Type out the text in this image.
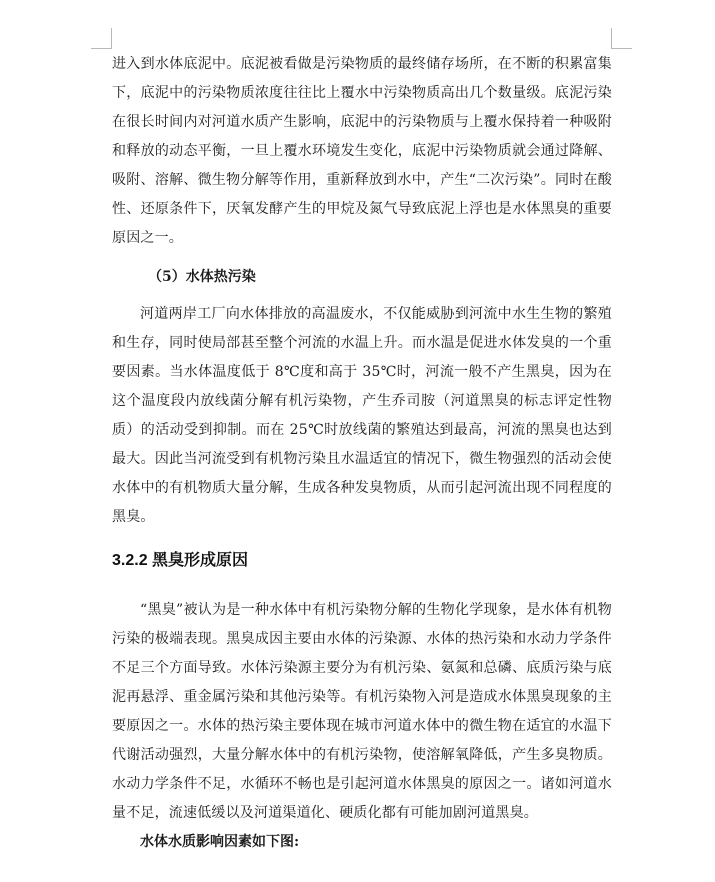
进入到水体底泥中。底泥被看做是污染物质的最终储存场所，在不断的积累富集下，底泥中的污染物质浓度往往比上覆水中污染物质高出几个数量级。底泥污染在很长时间内对河道水质产生影响，底泥中的污染物质与上覆水保持着一种吸附和释放的动态平衡，一旦上覆水环境发生变化，底泥中污染物质就会通过降解、吸附、溶解、微生物分解等作用，重新释放到水中，产生“二次污染”。同时在酸性、还原条件下，厌氧发酵产生的甲烷及氮气导致底泥上浮也是水体黑臭的重要原因之一。

（5）水体热污染

河道两岸工厂向水体排放的高温废水，不仅能威胁到河流中水生生物的繁殖和生存，同时使局部甚至整个河流的水温上升。而水温是促进水体发臭的一个重要因素。当水体温度低于 8℃度和高于 35℃时，河流一般不产生黑臭，因为在这个温度段内放线菌分解有机污染物，产生乔司胺（河道黑臭的标志评定性物质）的活动受到抑制。而在 25℃时放线菌的繁殖达到最高，河流的黑臭也达到最大。因此当河流受到有机物污染且水温适宜的情况下，微生物强烈的活动会使水体中的有机物质大量分解，生成各种发臭物质，从而引起河流出现不同程度的黑臭。

3.2.2 黑臭形成原因

“黑臭”被认为是一种水体中有机污染物分解的生物化学现象，是水体有机物污染的极端表现。黑臭成因主要由水体的污染源、水体的热污染和水动力学条件不足三个方面导致。水体污染源主要分为有机污染、氨氮和总磷、底质污染与底泥再悬浮、重金属污染和其他污染等。有机污染物入河是造成水体黑臭现象的主要原因之一。水体的热污染主要体现在城市河道水体中的微生物在适宜的水温下代谢活动强烈，大量分解水体中的有机污染物，使溶解氧降低，产生多臭物质。水动力学条件不足，水循环不畅也是引起河道水体黑臭的原因之一。诸如河道水量不足，流速低缓以及河道渠道化、硬质化都有可能加剧河道黑臭。

水体水质影响因素如下图:
